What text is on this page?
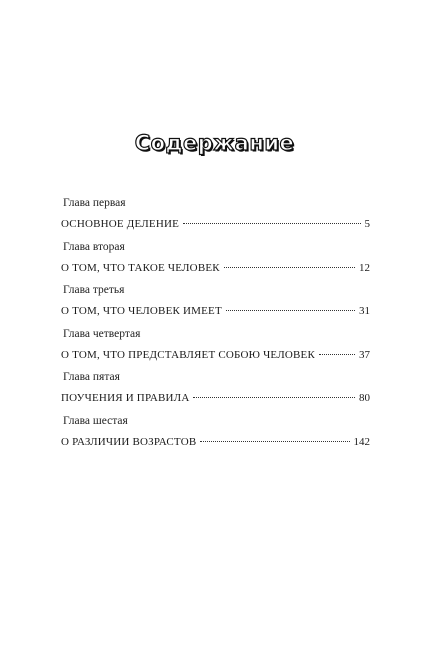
Содержание
Глава первая
ОСНОВНОЕ ДЕЛЕНИЕ	5
Глава вторая
О ТОМ, ЧТО ТАКОЕ ЧЕЛОВЕК	12
Глава третья
О ТОМ, ЧТО ЧЕЛОВЕК ИМЕЕТ	31
Глава четвертая
О ТОМ, ЧТО ПРЕДСТАВЛЯЕТ СОБОЮ ЧЕЛОВЕК	37
Глава пятая
ПОУЧЕНИЯ И ПРАВИЛА	80
Глава шестая
О РАЗЛИЧИИ ВОЗРАСТОВ	142
